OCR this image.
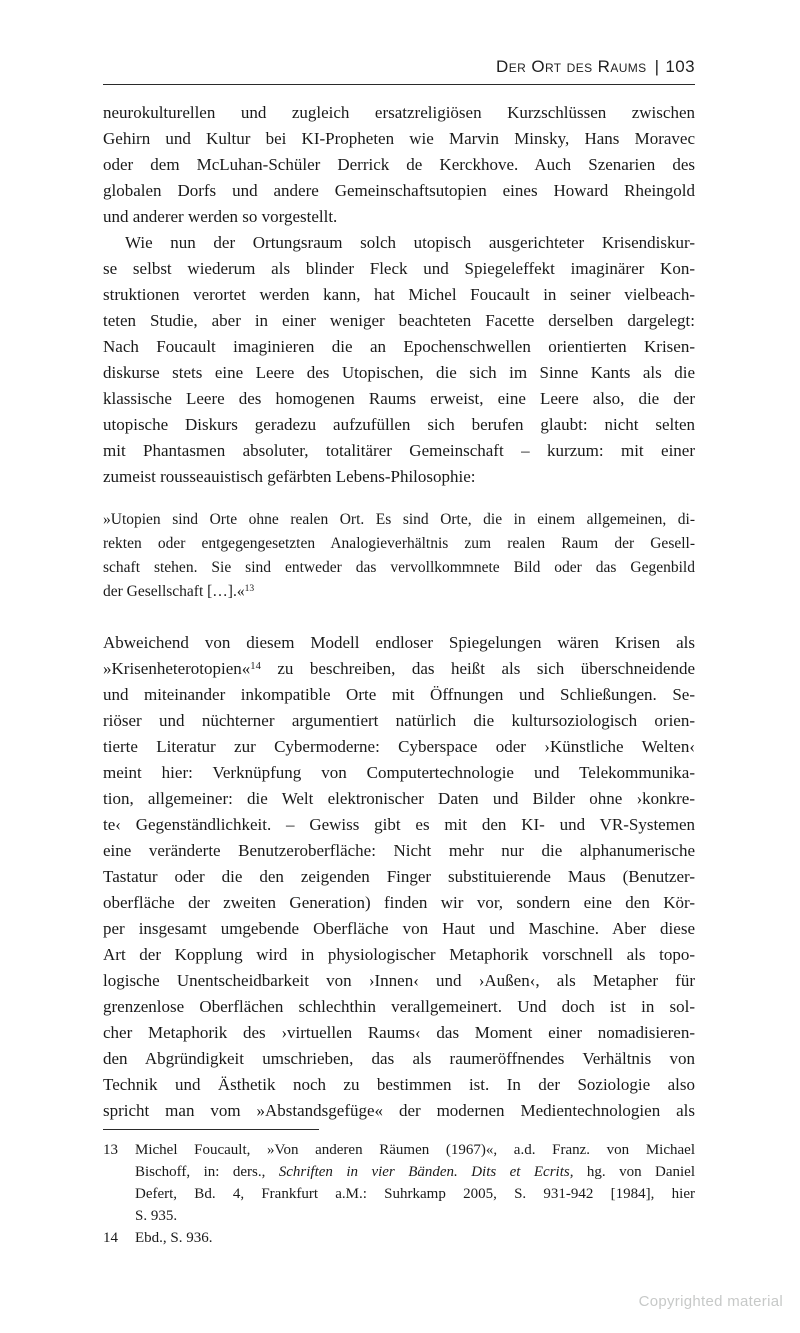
Der Ort des Raums | 103
neurokulturellen und zugleich ersatzreligiösen Kurzschlüssen zwischen
Gehirn und Kultur bei KI-Propheten wie Marvin Minsky, Hans Moravec
oder dem McLuhan-Schüler Derrick de Kerckhove. Auch Szenarien des
globalen Dorfs und andere Gemeinschaftsutopien eines Howard Rheingold
und anderer werden so vorgestellt.
Wie nun der Ortungsraum solch utopisch ausgerichteter Krisendiskur-
se selbst wiederum als blinder Fleck und Spiegeleffekt imaginärer Kon-
struktionen verortet werden kann, hat Michel Foucault in seiner vielbeach-
teten Studie, aber in einer weniger beachteten Facette derselben dargelegt:
Nach Foucault imaginieren die an Epochenschwellen orientierten Krisen-
diskurse stets eine Leere des Utopischen, die sich im Sinne Kants als die
klassische Leere des homogenen Raums erweist, eine Leere also, die der
utopische Diskurs geradezu aufzufüllen sich berufen glaubt: nicht selten
mit Phantasmen absoluter, totalitärer Gemeinschaft – kurzum: mit einer
zumeist rousseauistisch gefärbten Lebens-Philosophie:
»Utopien sind Orte ohne realen Ort. Es sind Orte, die in einem allgemeinen, di-
rekten oder entgegengesetzten Analogieverhältnis zum realen Raum der Gesell-
schaft stehen. Sie sind entweder das vervollkommnete Bild oder das Gegenbild
der Gesellschaft […].«$^{13}$
Abweichend von diesem Modell endloser Spiegelungen wären Krisen als
»Krisenheterotopien«$^{14}$ zu beschreiben, das heißt als sich überschneidende
und miteinander inkompatible Orte mit Öffnungen und Schließungen. Se-
riöser und nüchterner argumentiert natürlich die kultursoziologisch orien-
tierte Literatur zur Cybermoderne: Cyberspace oder ›Künstliche Welten‹
meint hier: Verknüpfung von Computertechnologie und Telekommunika-
tion, allgemeiner: die Welt elektronischer Daten und Bilder ohne ›konkre-
te‹ Gegenständlichkeit. – Gewiss gibt es mit den KI- und VR-Systemen
eine veränderte Benutzeroberfläche: Nicht mehr nur die alphanumerische
Tastatur oder die den zeigenden Finger substituierende Maus (Benutzer-
oberfläche der zweiten Generation) finden wir vor, sondern eine den Kör-
per insgesamt umgebende Oberfläche von Haut und Maschine. Aber diese
Art der Kopplung wird in physiologischer Metaphorik vorschnell als topo-
logische Unentscheidbarkeit von ›Innen‹ und ›Außen‹, als Metapher für
grenzenlose Oberflächen schlechthin verallgemeinert. Und doch ist in sol-
cher Metaphorik des ›virtuellen Raums‹ das Moment einer nomadisieren-
den Abgründigkeit umschrieben, das als raumeröffnendes Verhältnis von
Technik und Ästhetik noch zu bestimmen ist. In der Soziologie also
spricht man vom »Abstandsgefüge« der modernen Medientechnologien als
13 Michel Foucault, »Von anderen Räumen (1967)«, a.d. Franz. von Michael
Bischoff, in: ders., Schriften in vier Bänden. Dits et Ecrits, hg. von Daniel
Defert, Bd. 4, Frankfurt a.M.: Suhrkamp 2005, S. 931-942 [1984], hier
S. 935.
14 Ebd., S. 936.
Copyrighted material
